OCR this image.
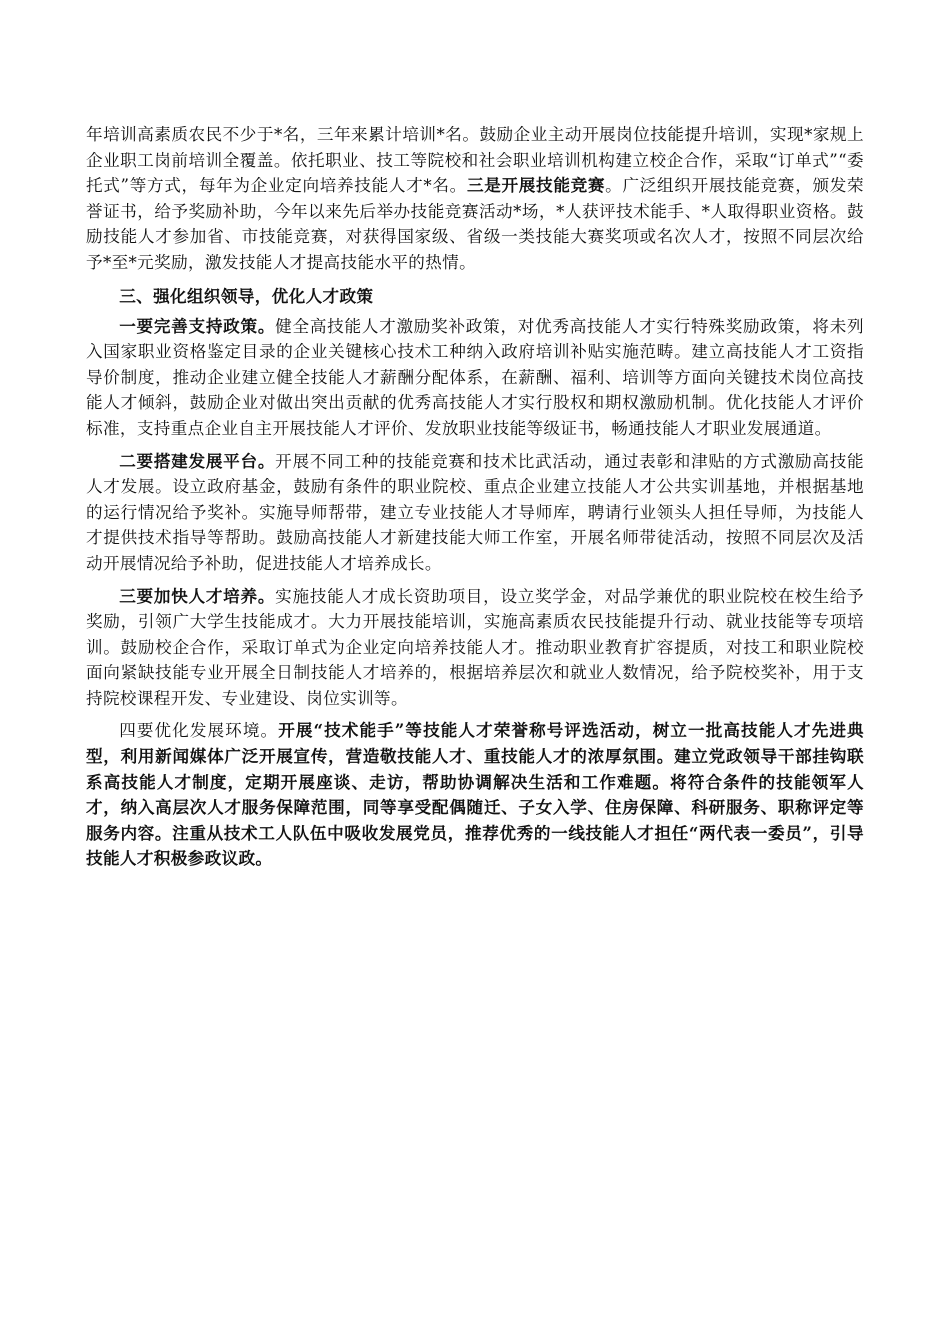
年培训高素质农民不少于*名，三年来累计培训*名。鼓励企业主动开展岗位技能提升培训，实现*家规上企业职工岗前培训全覆盖。依托职业、技工等院校和社会职业培训机构建立校企合作，采取“订单式”“委托式”等方式，每年为企业定向培养技能人才*名。三是开展技能竞赛。广泛组织开展技能竞赛，颁发荣誉证书，给予奖励补助，今年以来先后举办技能竞赛活动*场，*人获评技术能手、*人取得职业资格。鼓励技能人才参加省、市技能竞赛，对获得国家级、省级一类技能大赛奖项或名次人才，按照不同层次给予*至*元奖励，激发技能人才提高技能水平的热情。

三、强化组织领导，优化人才政策

一要完善支持政策。健全高技能人才激励奖补政策，对优秀高技能人才实行特殊奖励政策，将未列入国家职业资格鉴定目录的企业关键核心技术工种纳入政府培训补贴实施范畴。建立高技能人才工资指导价制度，推动企业建立健全技能人才薪酬分配体系，在薪酬、福利、培训等方面向关键技术岗位高技能人才倾斜，鼓励企业对做出突出贡献的优秀高技能人才实行股权和期权激励机制。优化技能人才评价标准，支持重点企业自主开展技能人才评价、发放职业技能等级证书，畅通技能人才职业发展通道。

二要搭建发展平台。开展不同工种的技能竞赛和技术比武活动，通过表彰和津贴的方式激励高技能人才发展。设立政府基金，鼓励有条件的职业院校、重点企业建立技能人才公共实训基地，并根据基地的运行情况给予奖补。实施导师帮带，建立专业技能人才导师库，聘请行业领头人担任导师，为技能人才提供技术指导等帮助。鼓励高技能人才新建技能大师工作室，开展名师带徒活动，按照不同层次及活动开展情况给予补助，促进技能人才培养成长。

三要加快人才培养。实施技能人才成长资助项目，设立奖学金，对品学兼优的职业院校在校生给予奖励，引领广大学生技能成才。大力开展技能培训，实施高素质农民技能提升行动、就业技能等专项培训。鼓励校企合作，采取订单式为企业定向培养技能人才。推动职业教育扩容提质，对技工和职业院校面向紧缺技能专业开展全日制技能人才培养的，根据培养层次和就业人数情况，给予院校奖补，用于支持院校课程开发、专业建设、岗位实训等。

四要优化发展环境。开展“技术能手”等技能人才荣誉称号评选活动，树立一批高技能人才先进典型，利用新闻媒体广泛开展宣传，营造敬技能人才、重技能人才的浓厚氛围。建立党政领导干部挂钩联系高技能人才制度，定期开展座谈、走访，帮助协调解决生活和工作难题。将符合条件的技能领军人才，纳入高层次人才服务保障范围，同等享受配偶随迁、子女入学、住房保障、科研服务、职称评定等服务内容。注重从技术工人队伍中吸收发展党员，推荐优秀的一线技能人才担任“两代表一委员”，引导技能人才积极参政议政。
